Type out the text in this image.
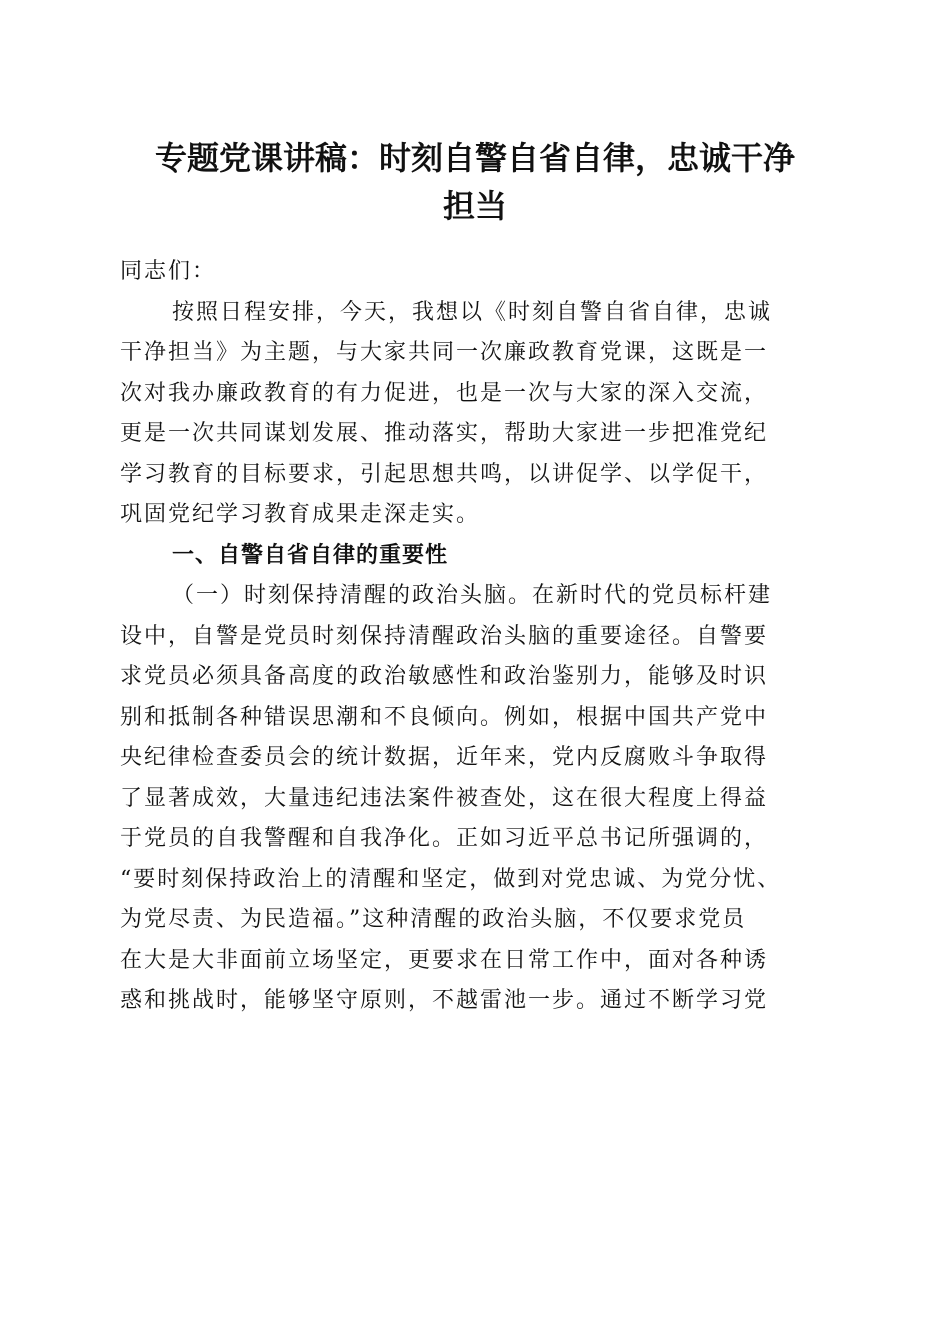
专题党课讲稿：时刻自警自省自律，忠诚干净
担当

同志们：

按照日程安排，今天，我想以《时刻自警自省自律，忠诚

干净担当》为主题，与大家共同一次廉政教育党课，这既是一

次对我办廉政教育的有力促进，也是一次与大家的深入交流，

更是一次共同谋划发展、推动落实，帮助大家进一步把准党纪

学习教育的目标要求，引起思想共鸣，以讲促学、以学促干，

巩固党纪学习教育成果走深走实。

一、自警自省自律的重要性

（一）时刻保持清醒的政治头脑。在新时代的党员标杆建

设中，自警是党员时刻保持清醒政治头脑的重要途径。自警要

求党员必须具备高度的政治敏感性和政治鉴别力，能够及时识

别和抵制各种错误思潮和不良倾向。例如，根据中国共产党中

央纪律检查委员会的统计数据，近年来，党内反腐败斗争取得

了显著成效，大量违纪违法案件被查处，这在很大程度上得益

于党员的自我警醒和自我净化。正如习近平总书记所强调的，

“要时刻保持政治上的清醒和坚定，做到对党忠诚、为党分忧、

为党尽责、为民造福。”这种清醒的政治头脑，不仅要求党员

在大是大非面前立场坚定，更要求在日常工作中，面对各种诱

惑和挑战时，能够坚守原则，不越雷池一步。通过不断学习党
